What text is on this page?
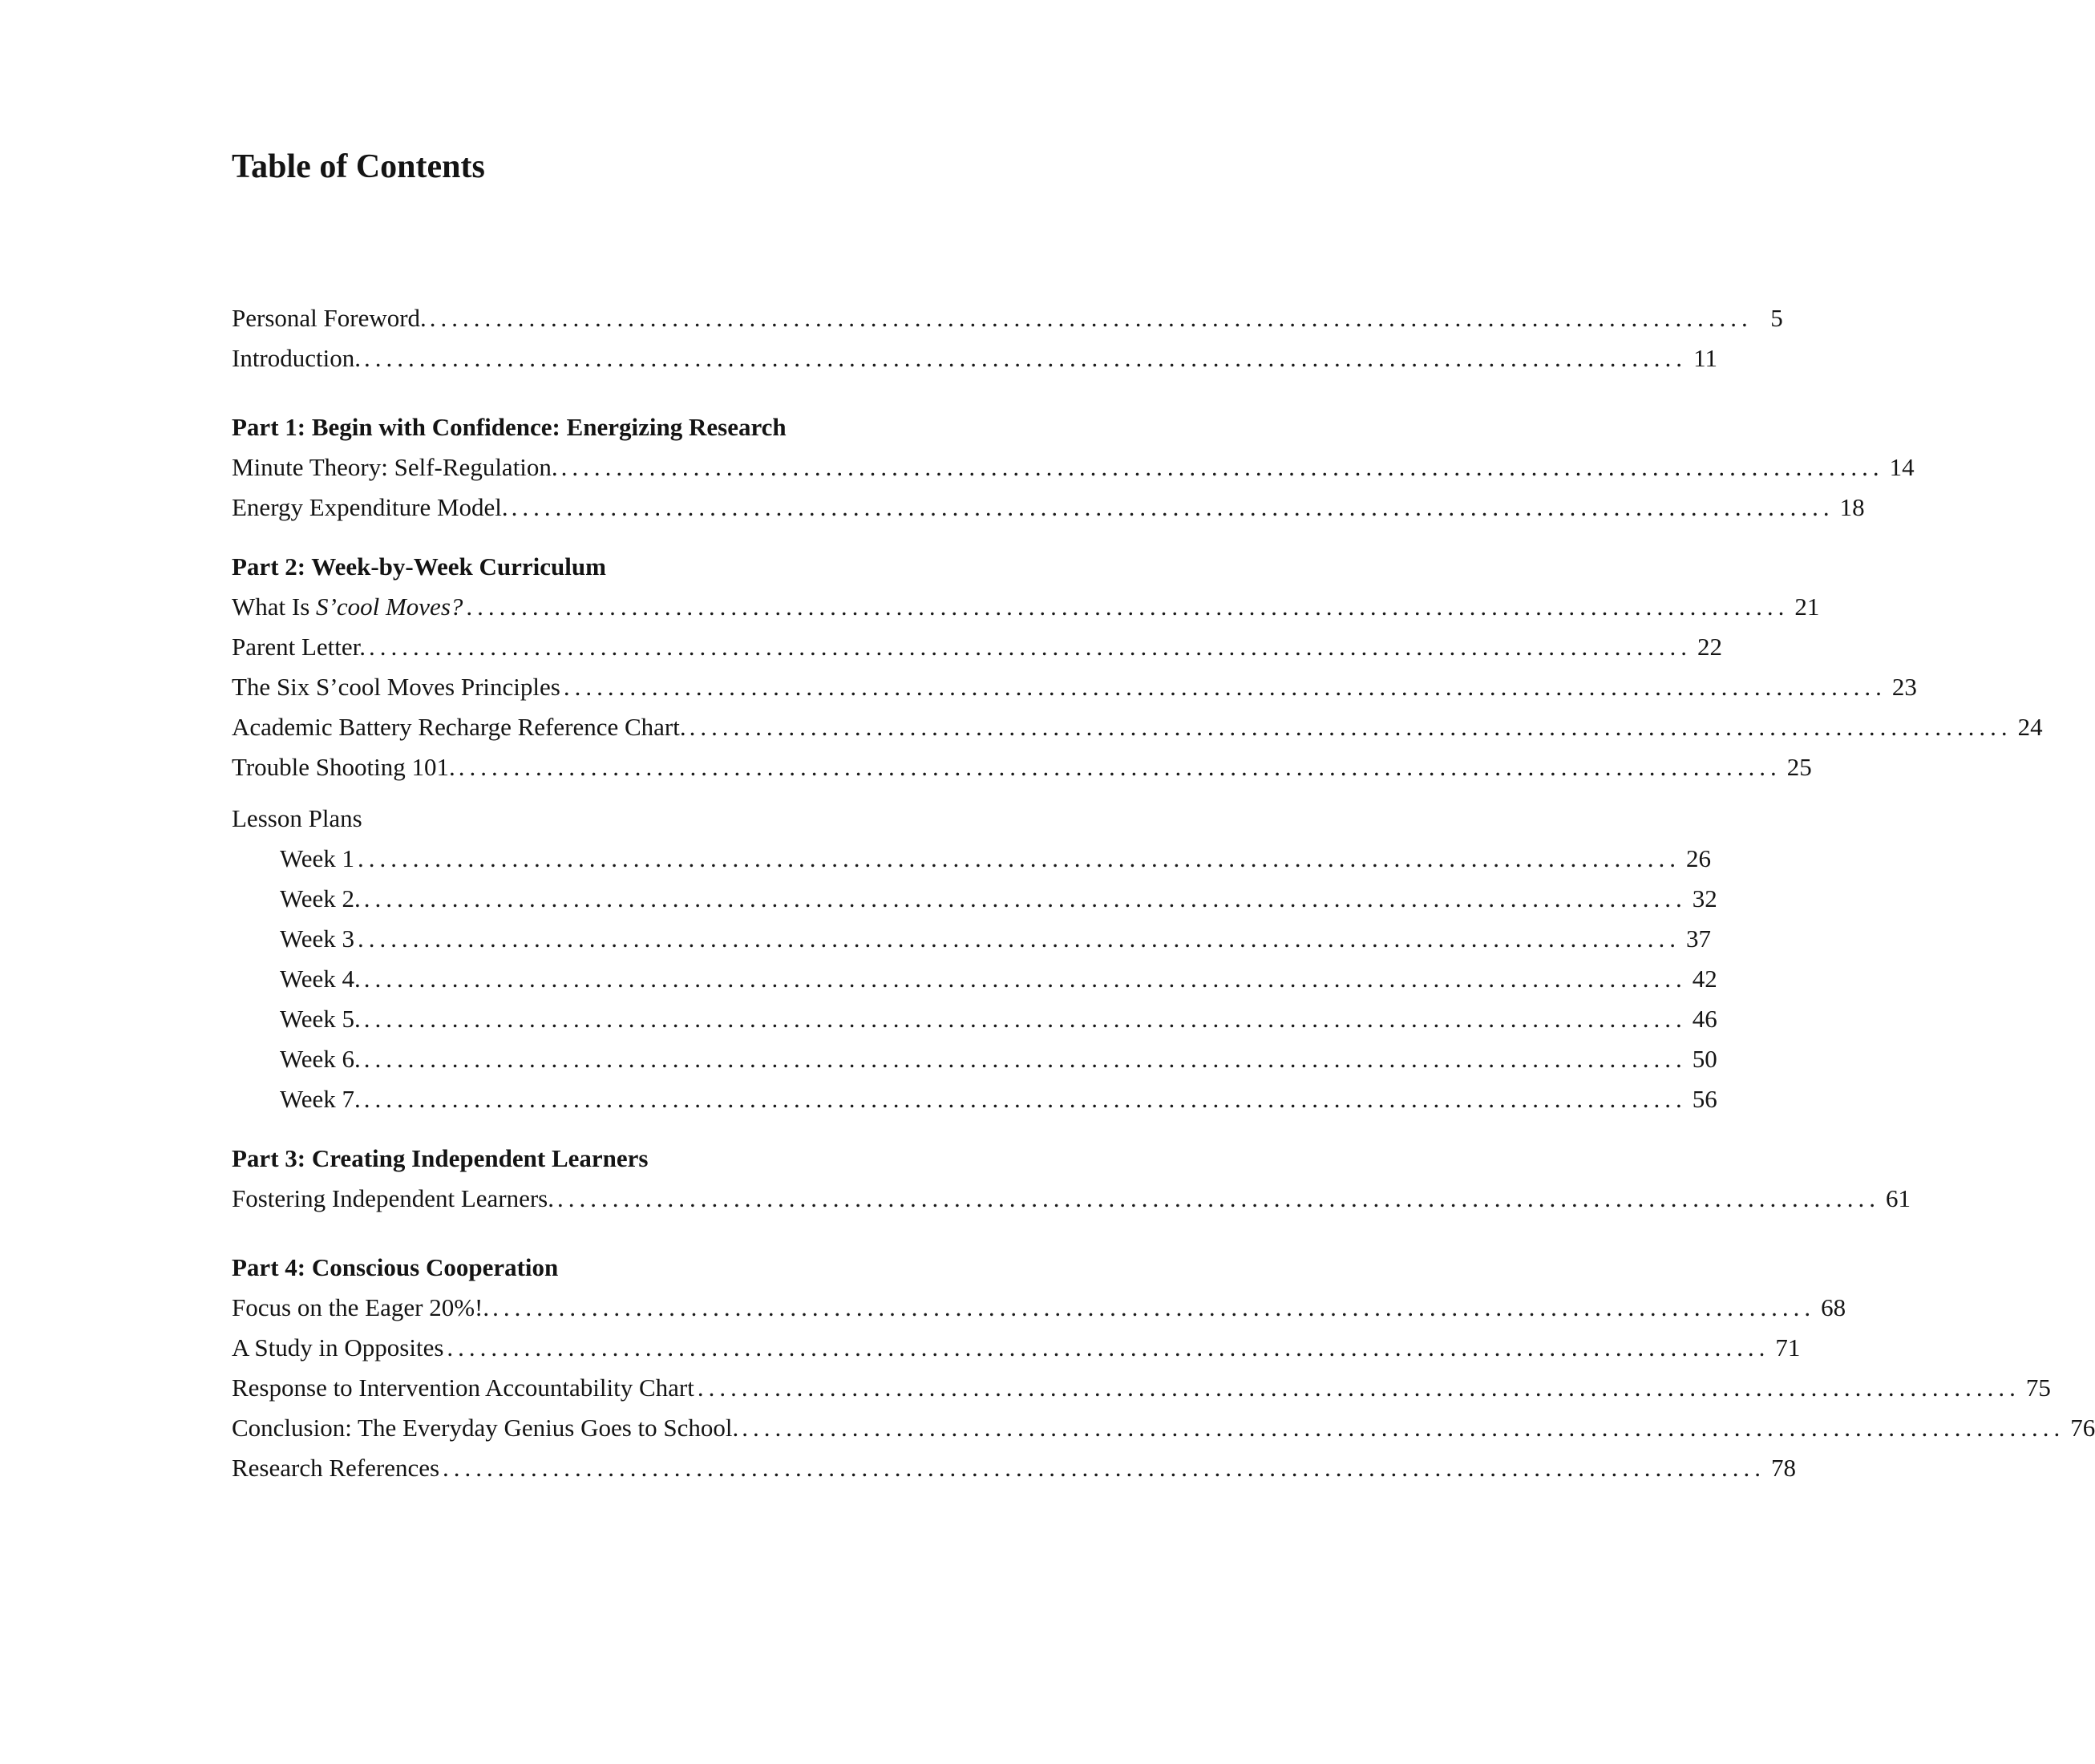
Table of Contents
Personal Foreword. ........................................................................................................................ 5
Introduction. ........................................................................................................................ 11
Part 1: Begin with Confidence: Energizing Research
Minute Theory: Self-Regulation. ........................................................................................................................ 14
Energy Expenditure Model. ........................................................................................................................ 18
Part 2: Week-by-Week Curriculum
What Is S’cool Moves? ........................................................................................................................ 21
Parent Letter. ........................................................................................................................ 22
The Six S’cool Moves Principles ........................................................................................................................ 23
Academic Battery Recharge Reference Chart. ........................................................................................................................ 24
Trouble Shooting 101. ........................................................................................................................ 25
Lesson Plans
Week 1 ........................................................................................................................ 26
Week 2. ........................................................................................................................ 32
Week 3 ........................................................................................................................ 37
Week 4. ........................................................................................................................ 42
Week 5. ........................................................................................................................ 46
Week 6. ........................................................................................................................ 50
Week 7. ........................................................................................................................ 56
Part 3: Creating Independent Learners
Fostering Independent Learners. ........................................................................................................................ 61
Part 4: Conscious Cooperation
Focus on the Eager 20%!. ........................................................................................................................ 68
A Study in Opposites ........................................................................................................................ 71
Response to Intervention Accountability Chart ........................................................................................................................ 75
Conclusion: The Everyday Genius Goes to School. ........................................................................................................................ 76
Research References ........................................................................................................................ 78
